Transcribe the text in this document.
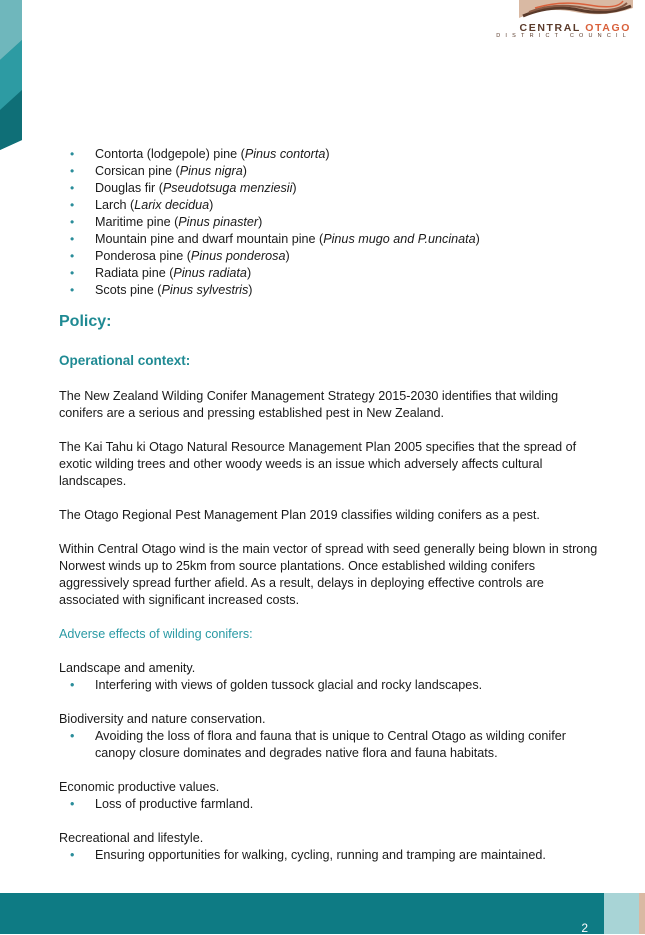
CENTRAL OTAGO
DISTRICT COUNCIL
• Contorta (lodgepole) pine (Pinus contorta)
• Corsican pine (Pinus nigra)
• Douglas fir (Pseudotsuga menziesii)
• Larch (Larix decidua)
• Maritime pine (Pinus pinaster)
• Mountain pine and dwarf mountain pine (Pinus mugo and P.uncinata)
• Ponderosa pine (Pinus ponderosa)
• Radiata pine (Pinus radiata)
• Scots pine (Pinus sylvestris)
Policy:
Operational context:

The New Zealand Wilding Conifer Management Strategy 2015-2030 identifies that wilding conifers are a serious and pressing established pest in New Zealand.

The Kai Tahu ki Otago Natural Resource Management Plan 2005 specifies that the spread of exotic wilding trees and other woody weeds is an issue which adversely affects cultural landscapes.

The Otago Regional Pest Management Plan 2019 classifies wilding conifers as a pest.

Within Central Otago wind is the main vector of spread with seed generally being blown in strong Norwest winds up to 25km from source plantations. Once established wilding conifers aggressively spread further afield. As a result, delays in deploying effective controls are associated with significant increased costs.

Adverse effects of wilding conifers:

Landscape and amenity.

• Interfering with views of golden tussock glacial and rocky landscapes.

Biodiversity and nature conservation.

• Avoiding the loss of flora and fauna that is unique to Central Otago as wilding conifer canopy closure dominates and degrades native flora and fauna habitats.

Economic productive values.

• Loss of productive farmland.

Recreational and lifestyle.

• Ensuring opportunities for walking, cycling, running and tramping are maintained.
2
